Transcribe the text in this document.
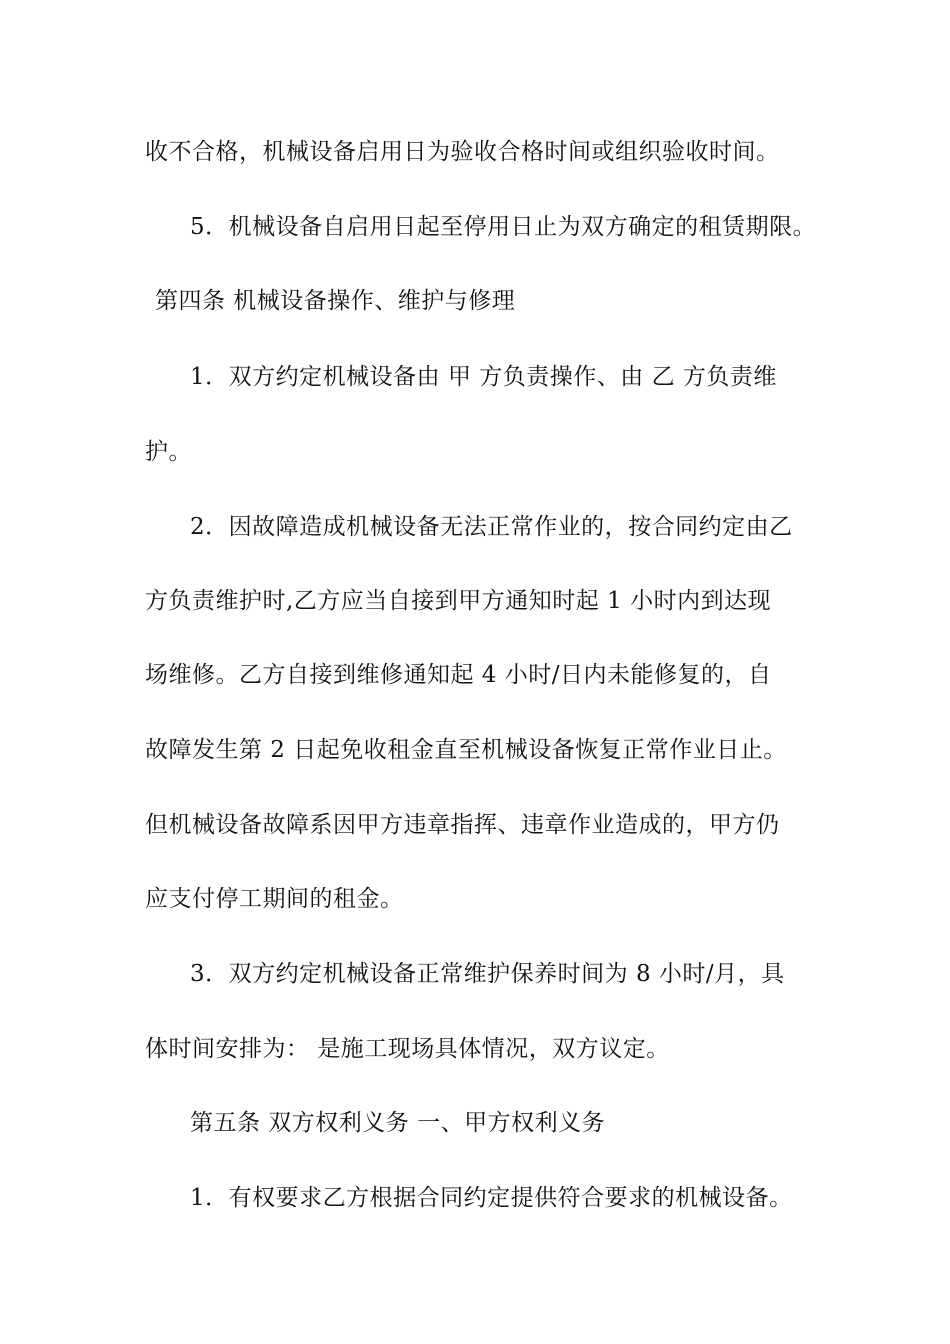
收不合格，机械设备启用日为验收合格时间或组织验收时间。
5．机械设备自启用日起至停用日止为双方确定的租赁期限。
第四条 机械设备操作、维护与修理
1．双方约定机械设备由 甲 方负责操作、由 乙 方负责维
护。
2．因故障造成机械设备无法正常作业的，按合同约定由乙
方负责维护时,乙方应当自接到甲方通知时起 1 小时内到达现
场维修。乙方自接到维修通知起 4 小时/日内未能修复的，自
故障发生第 2 日起免收租金直至机械设备恢复正常作业日止。
但机械设备故障系因甲方违章指挥、违章作业造成的，甲方仍
应支付停工期间的租金。
3．双方约定机械设备正常维护保养时间为 8 小时/月，具
体时间安排为： 是施工现场具体情况，双方议定。
第五条 双方权利义务 一、甲方权利义务
1．有权要求乙方根据合同约定提供符合要求的机械设备。
